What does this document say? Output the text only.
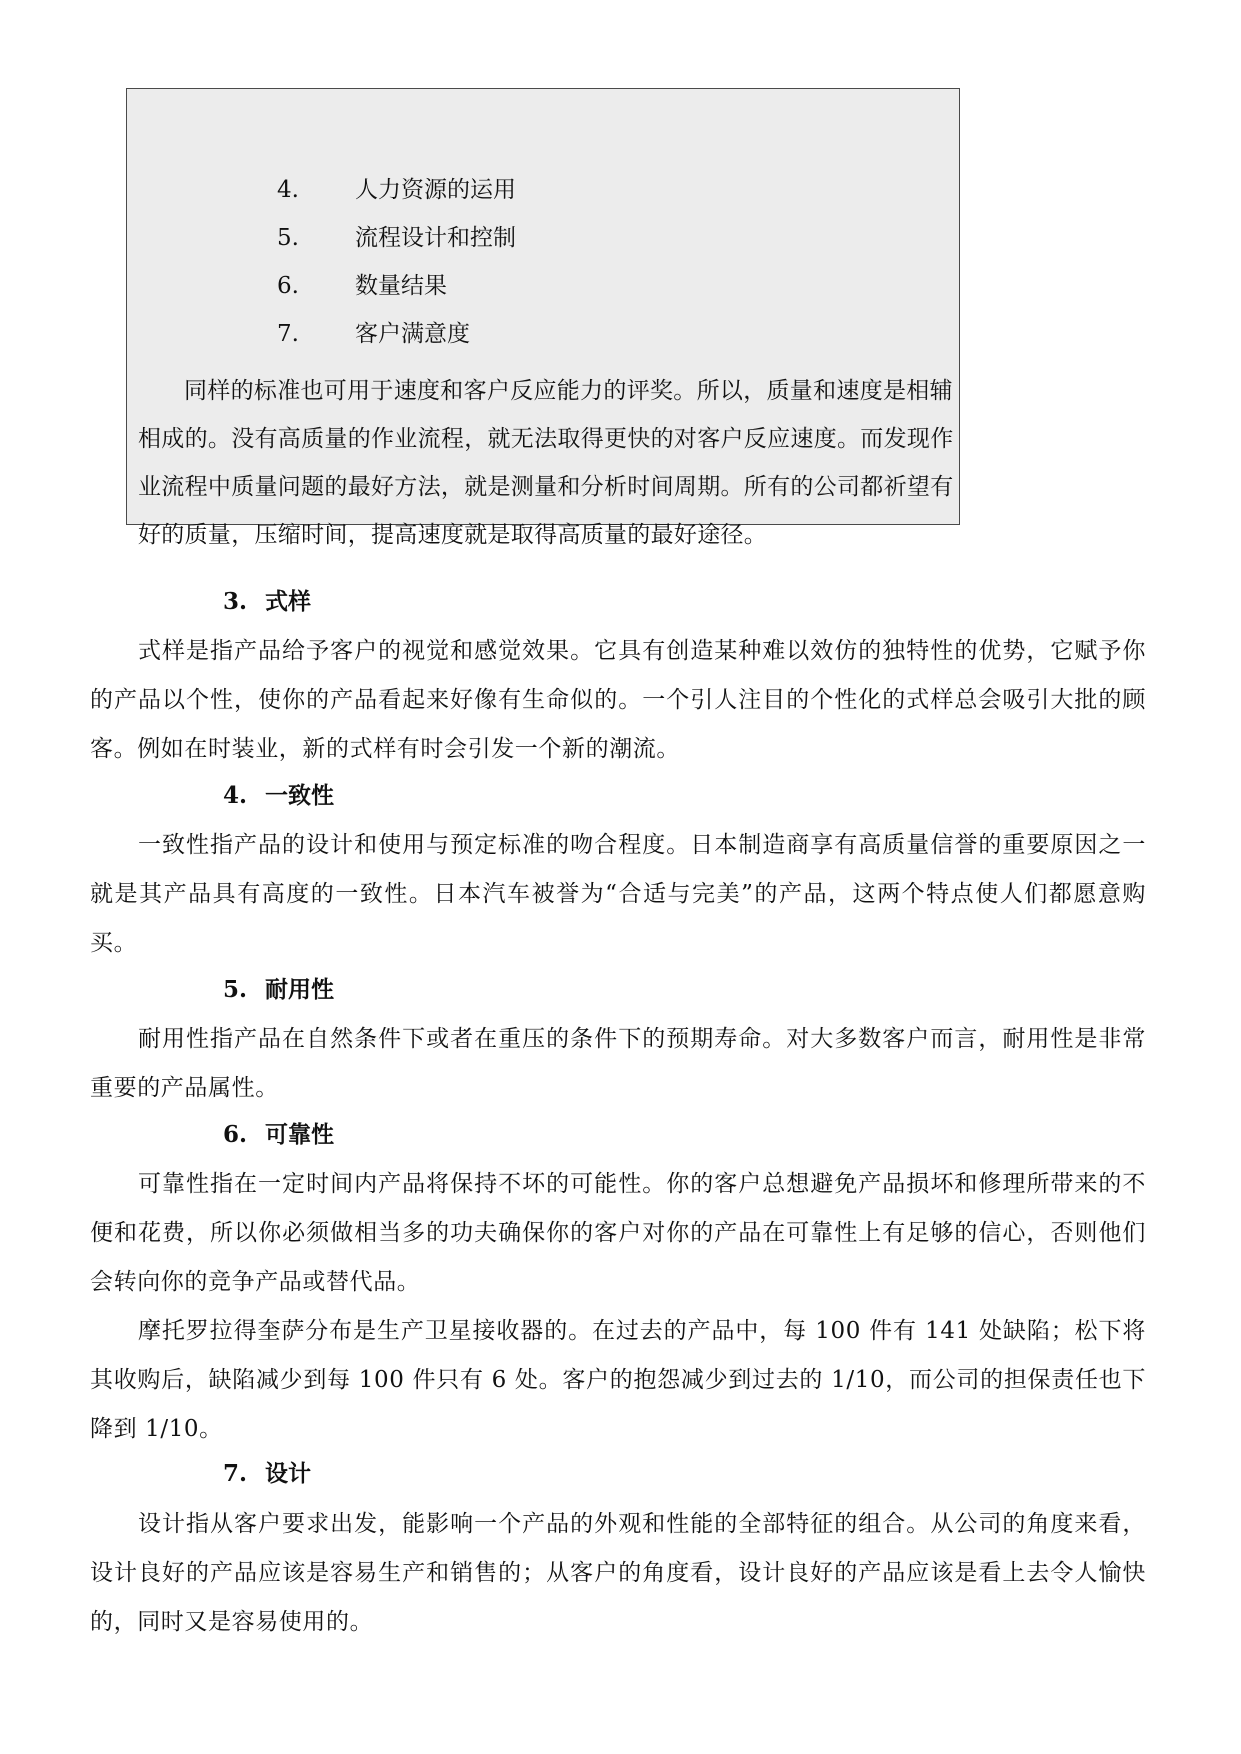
4. 人力资源的运用
5. 流程设计和控制
6. 数量结果
7. 客户满意度

同样的标准也可用于速度和客户反应能力的评奖。所以，质量和速度是相辅相成的。没有高质量的作业流程，就无法取得更快的对客户反应速度。而发现作业流程中质量问题的最好方法，就是测量和分析时间周期。所有的公司都祈望有好的质量，压缩时间，提高速度就是取得高质量的最好途径。

3. 式样

式样是指产品给予客户的视觉和感觉效果。它具有创造某种难以效仿的独特性的优势，它赋予你的产品以个性，使你的产品看起来好像有生命似的。一个引人注目的个性化的式样总会吸引大批的顾客。例如在时装业，新的式样有时会引发一个新的潮流。

4. 一致性

一致性指产品的设计和使用与预定标准的吻合程度。日本制造商享有高质量信誉的重要原因之一就是其产品具有高度的一致性。日本汽车被誉为“合适与完美”的产品，这两个特点使人们都愿意购买。

5. 耐用性

耐用性指产品在自然条件下或者在重压的条件下的预期寿命。对大多数客户而言，耐用性是非常重要的产品属性。

6. 可靠性

可靠性指在一定时间内产品将保持不坏的可能性。你的客户总想避免产品损坏和修理所带来的不便和花费，所以你必须做相当多的功夫确保你的客户对你的产品在可靠性上有足够的信心，否则他们会转向你的竞争产品或替代品。

摩托罗拉得奎萨分布是生产卫星接收器的。在过去的产品中，每 100 件有 141 处缺陷；松下将其收购后，缺陷减少到每 100 件只有 6 处。客户的抱怨减少到过去的 1/10，而公司的担保责任也下降到 1/10。

7. 设计

设计指从客户要求出发，能影响一个产品的外观和性能的全部特征的组合。从公司的角度来看，设计良好的产品应该是容易生产和销售的；从客户的角度看，设计良好的产品应该是看上去令人愉快的，同时又是容易使用的。
